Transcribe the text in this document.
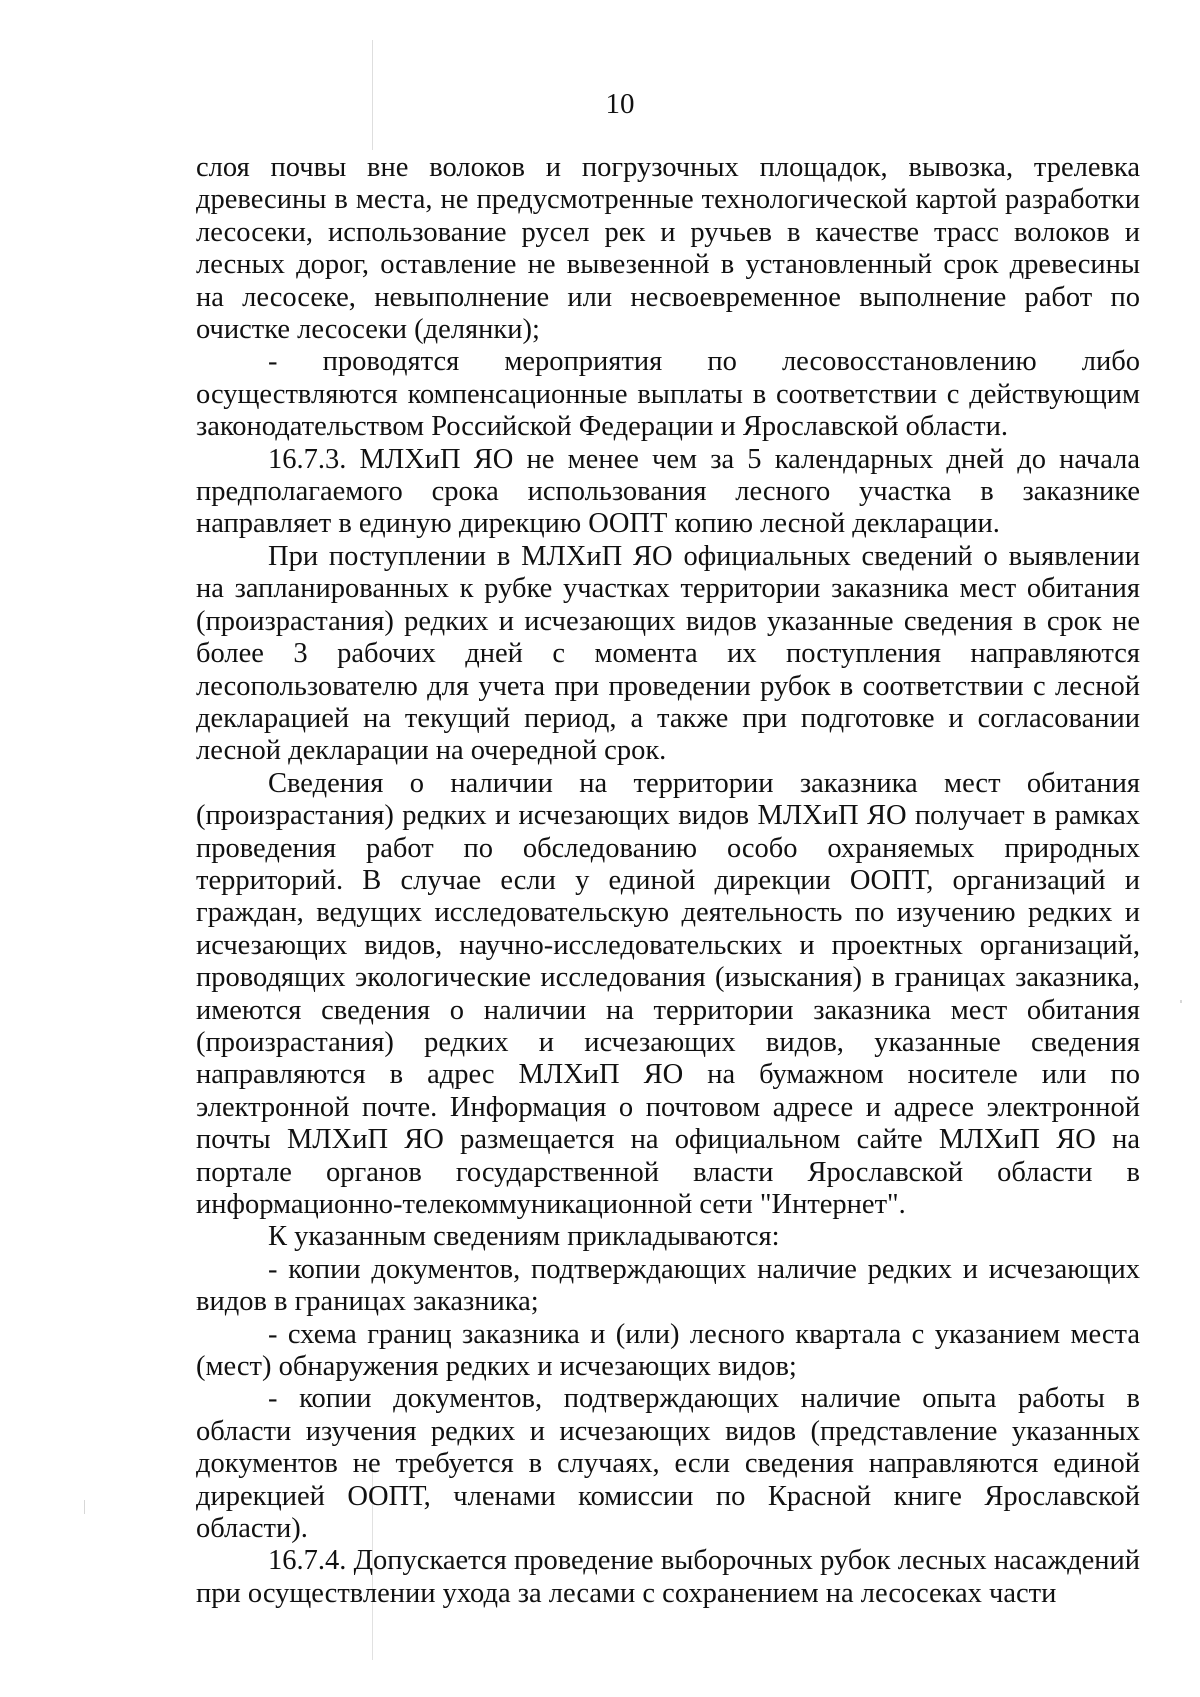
10

слоя почвы вне волоков и погрузочных площадок, вывозка, трелевка древесины в места, не предусмотренные технологической картой разработки лесосеки, использование русел рек и ручьев в качестве трасс волоков и лесных дорог, оставление не вывезенной в установленный срок древесины на лесосеке, невыполнение или несвоевременное выполнение работ по очистке лесосеки (делянки);

- проводятся мероприятия по лесовосстановлению либо осуществляются компенсационные выплаты в соответствии с действующим законодательством Российской Федерации и Ярославской области.

16.7.3. МЛХиП ЯО не менее чем за 5 календарных дней до начала предполагаемого срока использования лесного участка в заказнике направляет в единую дирекцию ООПТ копию лесной декларации.

При поступлении в МЛХиП ЯО официальных сведений о выявлении на запланированных к рубке участках территории заказника мест обитания (произрастания) редких и исчезающих видов указанные сведения в срок не более 3 рабочих дней с момента их поступления направляются лесопользователю для учета при проведении рубок в соответствии с лесной декларацией на текущий период, а также при подготовке и согласовании лесной декларации на очередной срок.

Сведения о наличии на территории заказника мест обитания (произрастания) редких и исчезающих видов МЛХиП ЯО получает в рамках проведения работ по обследованию особо охраняемых природных территорий. В случае если у единой дирекции ООПТ, организаций и граждан, ведущих исследовательскую деятельность по изучению редких и исчезающих видов, научно-исследовательских и проектных организаций, проводящих экологические исследования (изыскания) в границах заказника, имеются сведения о наличии на территории заказника мест обитания (произрастания) редких и исчезающих видов, указанные сведения направляются в адрес МЛХиП ЯО на бумажном носителе или по электронной почте. Информация о почтовом адресе и адресе электронной почты МЛХиП ЯО размещается на официальном сайте МЛХиП ЯО на портале органов государственной власти Ярославской области в информационно-телекоммуникационной сети "Интернет".

К указанным сведениям прикладываются:

- копии документов, подтверждающих наличие редких и исчезающих видов в границах заказника;

- схема границ заказника и (или) лесного квартала с указанием места (мест) обнаружения редких и исчезающих видов;

- копии документов, подтверждающих наличие опыта работы в области изучения редких и исчезающих видов (представление указанных документов не требуется в случаях, если сведения направляются единой дирекцией ООПТ, членами комиссии по Красной книге Ярославской области).

16.7.4. Допускается проведение выборочных рубок лесных насаждений при осуществлении ухода за лесами с сохранением на лесосеках части
